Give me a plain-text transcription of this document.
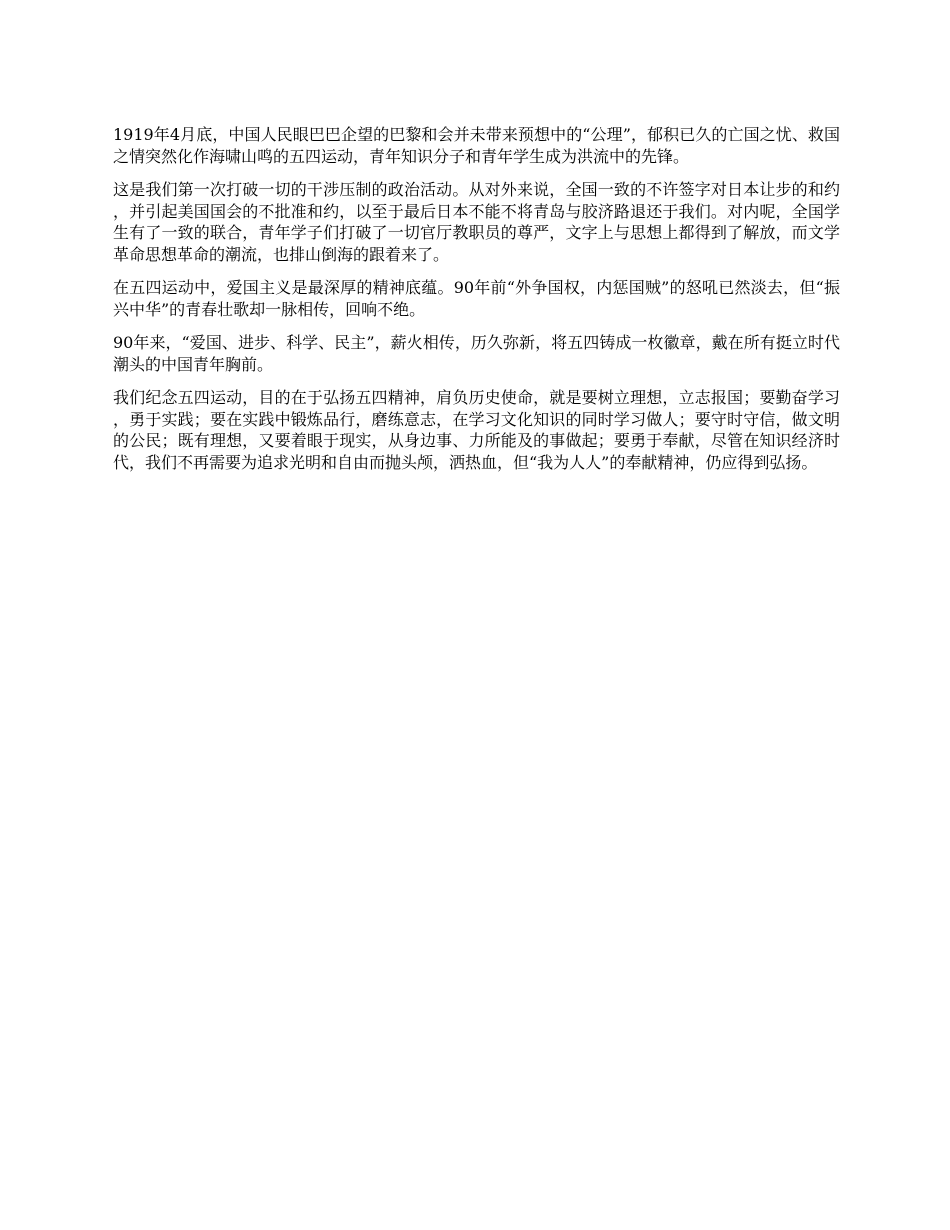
1919年4月底，中国人民眼巴巴企望的巴黎和会并未带来预想中的“公理”，郁积已久的亡国之忧、救国之情突然化作海啸山鸣的五四运动，青年知识分子和青年学生成为洪流中的先锋。

这是我们第一次打破一切的干涉压制的政治活动。从对外来说，全国一致的不许签字对日本让步的和约，并引起美国国会的不批准和约，以至于最后日本不能不将青岛与胶济路退还于我们。对内呢，全国学生有了一致的联合，青年学子们打破了一切官厅教职员的尊严，文字上与思想上都得到了解放，而文学革命思想革命的潮流，也排山倒海的跟着来了。

在五四运动中，爱国主义是最深厚的精神底蕴。90年前“外争国权，内惩国贼”的怒吼已然淡去，但“振兴中华”的青春壮歌却一脉相传，回响不绝。

90年来，“爱国、进步、科学、民主”，薪火相传，历久弥新，将五四铸成一枚徽章，戴在所有挺立时代潮头的中国青年胸前。

我们纪念五四运动，目的在于弘扬五四精神，肩负历史使命，就是要树立理想，立志报国；要勤奋学习，勇于实践；要在实践中锻炼品行，磨练意志，在学习文化知识的同时学习做人；要守时守信，做文明的公民；既有理想，又要着眼于现实，从身边事、力所能及的事做起；要勇于奉献，尽管在知识经济时代，我们不再需要为追求光明和自由而抛头颅，洒热血，但“我为人人”的奉献精神，仍应得到弘扬。
